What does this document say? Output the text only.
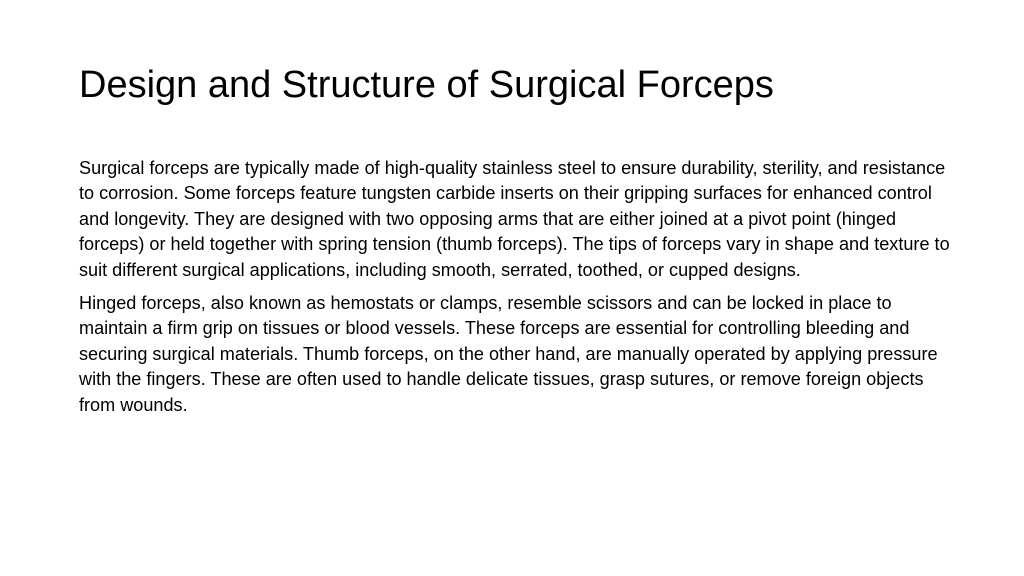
Design and Structure of Surgical Forceps

Surgical forceps are typically made of high-quality stainless steel to ensure durability, sterility, and resistance to corrosion. Some forceps feature tungsten carbide inserts on their gripping surfaces for enhanced control and longevity. They are designed with two opposing arms that are either joined at a pivot point (hinged forceps) or held together with spring tension (thumb forceps). The tips of forceps vary in shape and texture to suit different surgical applications, including smooth, serrated, toothed, or cupped designs.

Hinged forceps, also known as hemostats or clamps, resemble scissors and can be locked in place to maintain a firm grip on tissues or blood vessels. These forceps are essential for controlling bleeding and securing surgical materials. Thumb forceps, on the other hand, are manually operated by applying pressure with the fingers. These are often used to handle delicate tissues, grasp sutures, or remove foreign objects from wounds.
